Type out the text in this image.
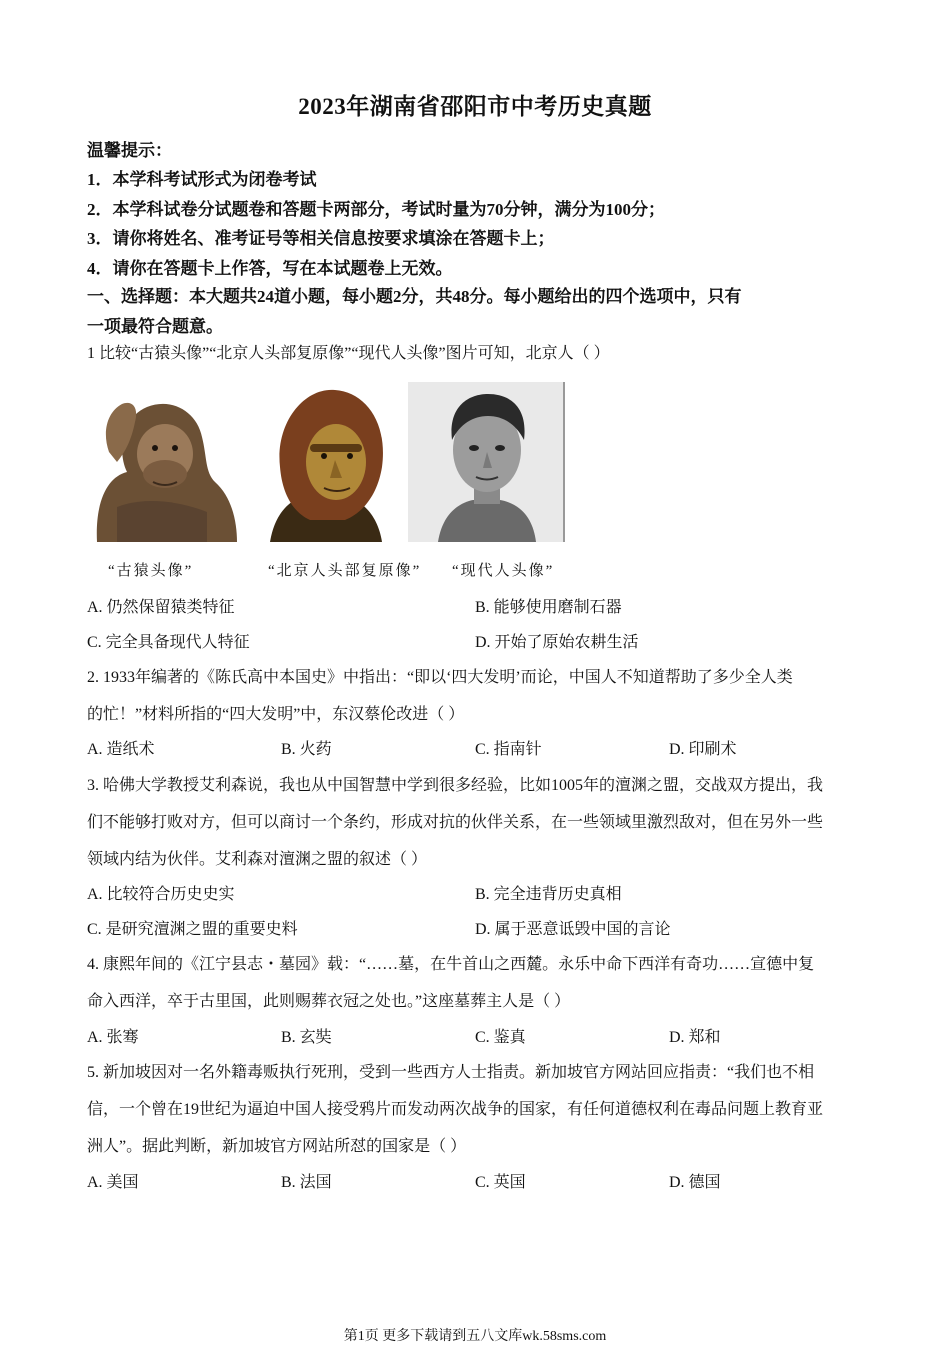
2023年湖南省邵阳市中考历史真题
温馨提示：
1．本学科考试形式为闭卷考试
2．本学科试卷分试题卷和答题卡两部分，考试时量为70分钟，满分为100分；
3．请你将姓名、准考证号等相关信息按要求填涂在答题卡上；
4．请你在答题卡上作答，写在本试题卷上无效。
一、选择题：本大题共24道小题，每小题2分，共48分。每小题给出的四个选项中，只有
一项最符合题意。
1 比较“古猿头像”“北京人头部复原像”“现代人头像”图片可知，北京人（ ）
“古猿头像”	“北京人头部复原像” “现代人头像”
A. 仍然保留猿类特征	B. 能够使用磨制石器
C. 完全具备现代人特征	D. 开始了原始农耕生活
2. 1933年编著的《陈氏高中本国史》中指出：“即以‘四大发明’而论，中国人不知道帮助了多少全人类
的忙！”材料所指的“四大发明”中，东汉蔡伦改进（ ）
A. 造纸术	B. 火药	C. 指南针	D. 印刷术
3. 哈佛大学教授艾利森说，我也从中国智慧中学到很多经验，比如1005年的澶渊之盟，交战双方提出，我
们不能够打败对方，但可以商讨一个条约，形成对抗的伙伴关系，在一些领域里激烈敌对，但在另外一些
领域内结为伙伴。艾利森对澶渊之盟的叙述（ ）
A. 比较符合历史史实	B. 完全违背历史真相
C. 是研究澶渊之盟的重要史料	D. 属于恶意诋毁中国的言论
4. 康熙年间的《江宁县志・墓园》载：“……墓，在牛首山之西麓。永乐中命下西洋有奇功……宣德中复
命入西洋，卒于古里国，此则赐葬衣冠之处也。”这座墓葬主人是（ ）
A. 张骞	B. 玄奘	C. 鉴真	D. 郑和
5. 新加坡因对一名外籍毒贩执行死刑，受到一些西方人士指责。新加坡官方网站回应指责：“我们也不相
信，一个曾在19世纪为逼迫中国人接受鸦片而发动两次战争的国家，有任何道德权利在毒品问题上教育亚
洲人”。据此判断，新加坡官方网站所怼的国家是（ ）
A. 美国	B. 法国	C. 英国	D. 德国
第1页 更多下载请到五八文库wk.58sms.com
